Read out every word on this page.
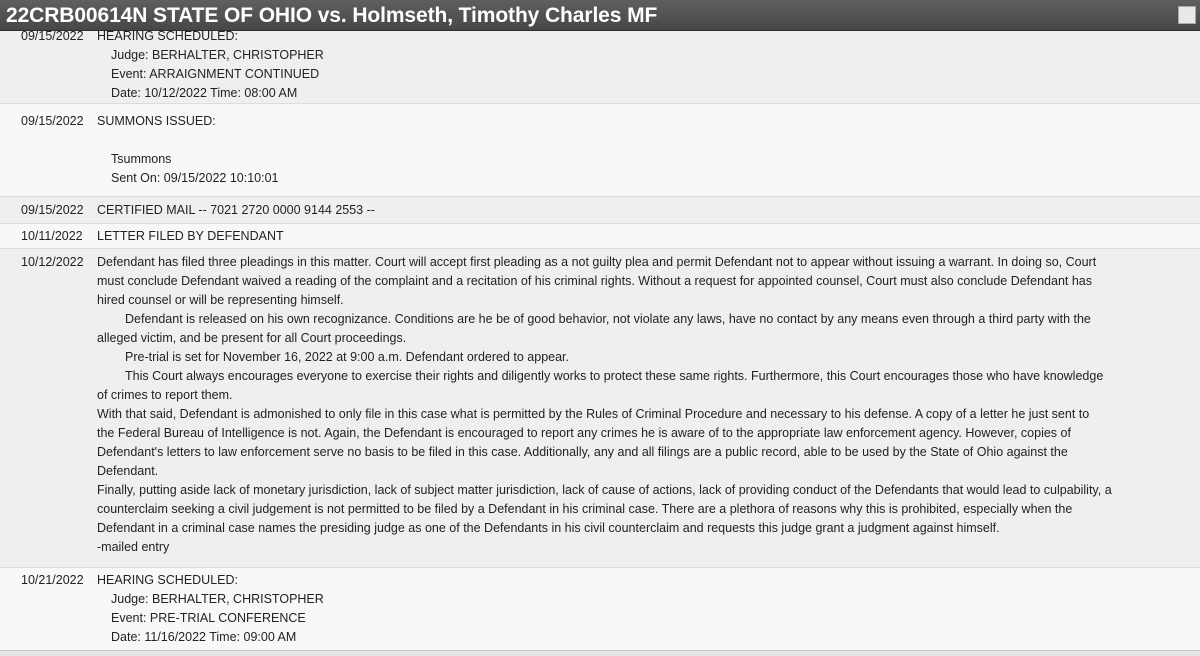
22CRB00614N STATE OF OHIO vs. Holmseth, Timothy Charles MF
09/15/2022 HEARING SCHEDULED:
Judge: BERHALTER, CHRISTOPHER
Event: ARRAIGNMENT CONTINUED
Date: 10/12/2022 Time: 08:00 AM
09/15/2022 SUMMONS ISSUED:
Tsummons
Sent On: 09/15/2022 10:10:01
09/15/2022 CERTIFIED MAIL -- 7021 2720 0000 9144 2553 --
10/11/2022 LETTER FILED BY DEFENDANT
10/12/2022 Defendant has filed three pleadings in this matter. Court will accept first pleading as a not guilty plea and permit Defendant not to appear without issuing a warrant. In doing so, Court
must conclude Defendant waived a reading of the complaint and a recitation of his criminal rights. Without a request for appointed counsel, Court must also conclude Defendant has
hired counsel or will be representing himself.
Defendant is released on his own recognizance. Conditions are he be of good behavior, not violate any laws, have no contact by any means even through a third party with the
alleged victim, and be present for all Court proceedings.
Pre-trial is set for November 16, 2022 at 9:00 a.m. Defendant ordered to appear.
This Court always encourages everyone to exercise their rights and diligently works to protect these same rights. Furthermore, this Court encourages those who have knowledge
of crimes to report them.
With that said, Defendant is admonished to only file in this case what is permitted by the Rules of Criminal Procedure and necessary to his defense. A copy of a letter he just sent to
the Federal Bureau of Intelligence is not. Again, the Defendant is encouraged to report any crimes he is aware of to the appropriate law enforcement agency. However, copies of
Defendant's letters to law enforcement serve no basis to be filed in this case. Additionally, any and all filings are a public record, able to be used by the State of Ohio against the
Defendant.
Finally, putting aside lack of monetary jurisdiction, lack of subject matter jurisdiction, lack of cause of actions, lack of providing conduct of the Defendants that would lead to culpability, a
counterclaim seeking a civil judgement is not permitted to be filed by a Defendant in his criminal case. There are a plethora of reasons why this is prohibited, especially when the
Defendant in a criminal case names the presiding judge as one of the Defendants in his civil counterclaim and requests this judge grant a judgment against himself.
-mailed entry
10/21/2022 HEARING SCHEDULED:
Judge: BERHALTER, CHRISTOPHER
Event: PRE-TRIAL CONFERENCE
Date: 11/16/2022 Time: 09:00 AM
